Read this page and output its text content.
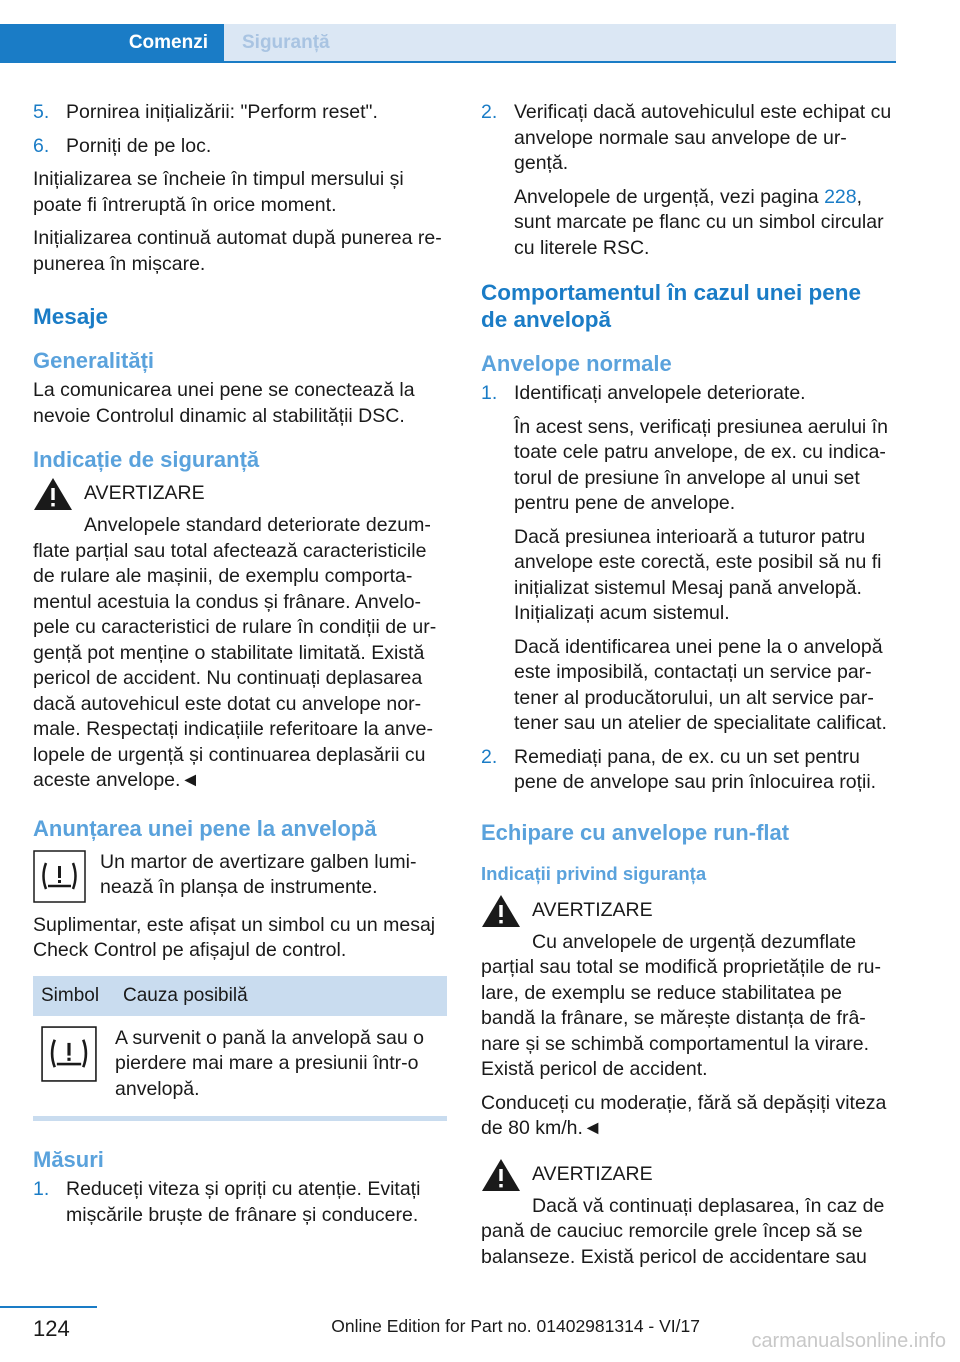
Comenzi	Siguranță
5. Pornirea inițializării: "Perform reset".
6. Porniți de pe loc.

Inițializarea se încheie în timpul mersului și poate fi întreruptă în orice moment.

Inițializarea continuă automat după punerea re‐punerea în mișcare.

Mesaje
Generalități

La comunicarea unei pene se conectează la nevoie Controlul dinamic al stabilității DSC.

Indicație de siguranță
AVERTIZARE
Anvelopele standard deteriorate dezum‐
flate parțial sau total afectează caracteristicile de rulare ale mașinii, de exemplu comporta‐mentul acestuia la condus și frânare. Anvelo‐pele cu caracteristici de rulare în condiții de ur‐gență pot menține o stabilitate limitată. Există pericol de accident. Nu continuați deplasarea dacă autovehicul este dotat cu anvelope nor‐male. Respectați indicațiile referitoare la anve‐lopele de urgență și continuarea deplasării cu aceste anvelope.◄
Anunțarea unei pene la anvelopă
Un martor de avertizare galben lumi‐nează în planșa de instrumente.

Suplimentar, este afișat un simbol cu un mesaj Check Control pe afișajul de control.

Simbol	Cauza posibilă
	A survenit o pană la anvelopă sau o pierdere mai mare a presiunii într-o anvelopă.
Măsuri
1. Reduceți viteza și opriți cu atenție. Evitați mișcările bruște de frânare și conducere.
2. Verificați dacă autovehiculul este echipat cu anvelope normale sau anvelope de ur‐gență.
Anvelopele de urgență, vezi pagina 228, sunt marcate pe flanc cu un simbol circular cu literele RSC.
Comportamentul în cazul unei pene de anvelopă
Anvelope normale
1. Identificați anvelopele deteriorate.
În acest sens, verificați presiunea aerului în toate cele patru anvelope, de ex. cu indica‐torul de presiune în anvelope al unui set pentru pene de anvelope.
Dacă presiunea interioară a tuturor patru anvelope este corectă, este posibil să nu fi inițializat sistemul Mesaj pană anvelopă. Inițializați acum sistemul.
Dacă identificarea unei pene la o anvelopă este imposibilă, contactați un service par‐tener al producătorului, un alt service par‐tener sau un atelier de specialitate calificat.
2. Remediați pana, de ex. cu un set pentru pene de anvelope sau prin înlocuirea roții.
Echipare cu anvelope run-flat
Indicații privind siguranța
AVERTIZARE
Cu anvelopele de urgență dezumflate
parțial sau total se modifică proprietățile de ru‐lare, de exemplu se reduce stabilitatea pe bandă la frânare, se mărește distanța de frâ‐nare și se schimbă comportamentul la virare. Există pericol de accident.

Conduceți cu moderație, fără să depășiți viteza de 80 km/h.◄

AVERTIZARE
Dacă vă continuați deplasarea, în caz de
pană de cauciuc remorcile grele încep să se balanseze. Există pericol de accidentare sau
124	Online Edition for Part no. 01402981314 - VI/17
carmanualsonline.info
